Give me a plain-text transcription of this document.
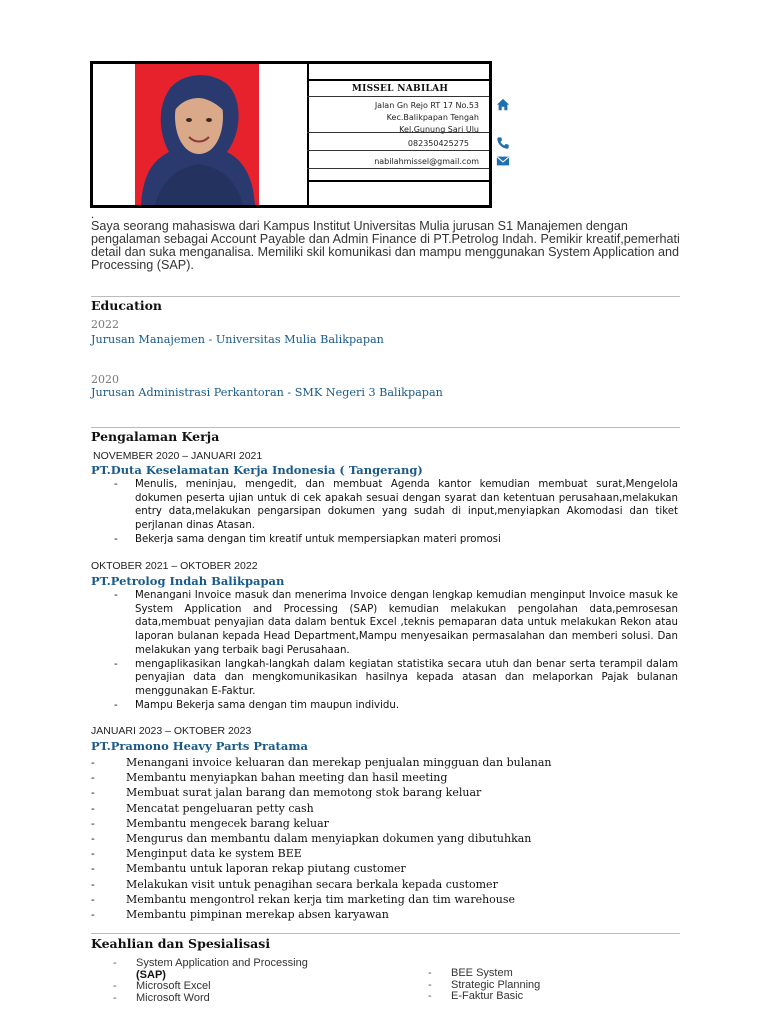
MISSEL NABILAH
Jalan Gn Rejo RT 17 No.53
Kec.Balikpapan Tengah
Kel.Gunung Sari Ulu
082350425275
nabilahmissel@gmail.com
.
Saya seorang mahasiswa dari Kampus Institut Universitas Mulia jurusan S1 Manajemen dengan pengalaman sebagai Account Payable dan Admin Finance di PT.Petrolog Indah. Pemikir kreatif,pemerhati detail dan suka menganalisa. Memiliki skil komunikasi dan mampu menggunakan System Application and Processing (SAP).
Education
2022
Jurusan Manajemen - Universitas Mulia Balikpapan
2020
Jurusan Administrasi Perkantoran - SMK Negeri 3 Balikpapan
Pengalaman Kerja
NOVEMBER 2020 – JANUARI 2021
PT.Duta Keselamatan Kerja Indonesia ( Tangerang)
- Menulis, meninjau, mengedit, dan membuat Agenda kantor kemudian membuat surat,Mengelola dokumen peserta ujian untuk di cek apakah sesuai dengan syarat dan ketentuan perusahaan,melakukan entry data,melakukan pengarsipan dokumen yang sudah di input,menyiapkan Akomodasi dan tiket perjlanan dinas Atasan.
- Bekerja sama dengan tim kreatif untuk mempersiapkan materi promosi
OKTOBER 2021 – OKTOBER 2022
PT.Petrolog Indah Balikpapan
- Menangani Invoice masuk dan menerima Invoice dengan lengkap kemudian menginput Invoice masuk ke System Application and Processing (SAP) kemudian melakukan pengolahan data,pemrosesan data,membuat penyajian data dalam bentuk Excel ,teknis pemaparan data untuk melakukan Rekon atau laporan bulanan kepada Head Department,Mampu menyesaikan permasalahan dan memberi solusi. Dan melakukan yang terbaik bagi Perusahaan.
- mengaplikasikan langkah-langkah dalam kegiatan statistika secara utuh dan benar serta terampil dalam penyajian data dan mengkomunikasikan hasilnya kepada atasan dan melaporkan Pajak bulanan menggunakan E-Faktur.
- Mampu Bekerja sama dengan tim maupun individu.
JANUARI 2023 – OKTOBER 2023
PT.Pramono Heavy Parts Pratama
- Menangani invoice keluaran dan merekap penjualan mingguan dan bulanan
- Membantu menyiapkan bahan meeting dan hasil meeting
- Membuat surat jalan barang dan memotong stok barang keluar
- Mencatat pengeluaran petty cash
- Membantu mengecek barang keluar
- Mengurus dan membantu dalam menyiapkan dokumen yang dibutuhkan
- Menginput data ke system BEE
- Membantu untuk laporan rekap piutang customer
- Melakukan visit untuk penagihan secara berkala kepada customer
- Membantu mengontrol rekan kerja tim marketing dan tim warehouse
- Membantu pimpinan merekap absen karyawan
Keahlian dan Spesialisasi
- System Application and Processing
(SAP)
- Microsoft Excel
- Microsoft Word
- BEE System
- Strategic Planning
- E-Faktur Basic
